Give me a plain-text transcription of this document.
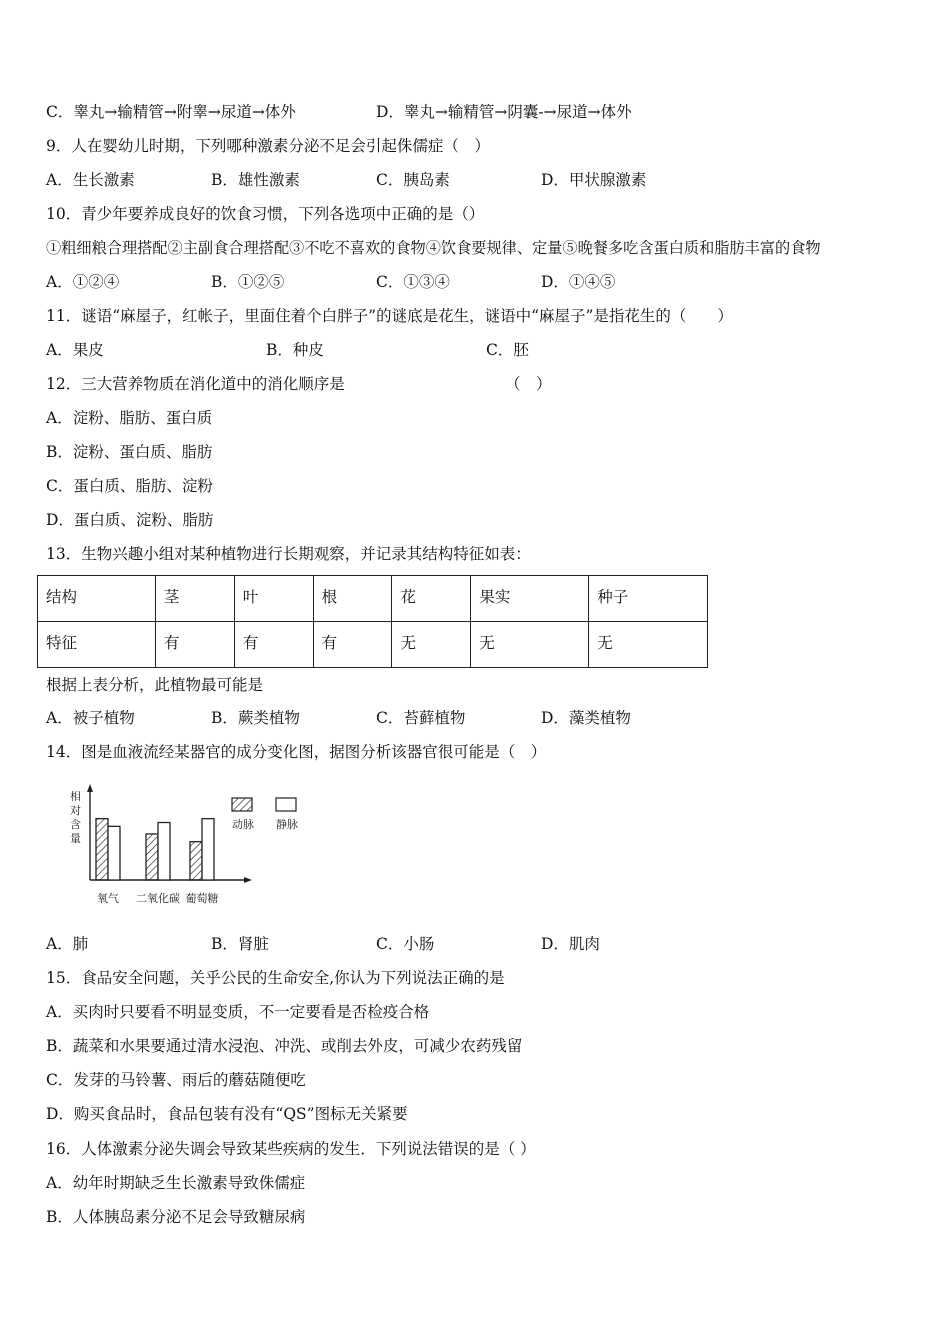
C．睾丸→输精管→附睾→尿道→体外	D．睾丸→输精管→阴囊-→尿道→体外
9．人在婴幼儿时期，下列哪种激素分泌不足会引起侏儒症（　）
A．生长激素	B．雄性激素	C．胰岛素	D．甲状腺激素
10．青少年要养成良好的饮食习惯，下列各选项中正确的是（）
①粗细粮合理搭配②主副食合理搭配③不吃不喜欢的食物④饮食要规律、定量⑤晚餐多吃含蛋白质和脂肪丰富的食物
A．①②④	B．①②⑤	C．①③④	D．①④⑤
11．谜语“麻屋子，红帐子，里面住着个白胖子”的谜底是花生，谜语中“麻屋子”是指花生的（　　）
A．果皮	B．种皮	C．胚
12．三大营养物质在消化道中的消化顺序是	（　）
A．淀粉、脂肪、蛋白质
B．淀粉、蛋白质、脂肪
C．蛋白质、脂肪、淀粉
D．蛋白质、淀粉、脂肪
13．生物兴趣小组对某种植物进行长期观察，并记录其结构特征如表：
结构	茎	叶	根	花	果实	种子
特征	有	有	有	无	无	无
根据上表分析，此植物最可能是
A．被子植物	B．蕨类植物	C．苔藓植物	D．藻类植物
14．图是血液流经某器官的成分变化图，据图分析该器官很可能是（　）
相对含量
氧气 二氧化碳 葡萄糖
动脉 静脉
A．肺	B．肾脏	C．小肠	D．肌肉
15．食品安全问题，关乎公民的生命安全,你认为下列说法正确的是
A．买肉时只要看不明显变质，不一定要看是否检疫合格
B．蔬菜和水果要通过清水浸泡、冲洗、或削去外皮，可减少农药残留
C．发芽的马铃薯、雨后的蘑菇随便吃
D．购买食品时，食品包装有没有“QS”图标无关紧要
16．人体激素分泌失调会导致某些疾病的发生．下列说法错误的是（ ）
A．幼年时期缺乏生长激素导致侏儒症
B．人体胰岛素分泌不足会导致糖尿病
